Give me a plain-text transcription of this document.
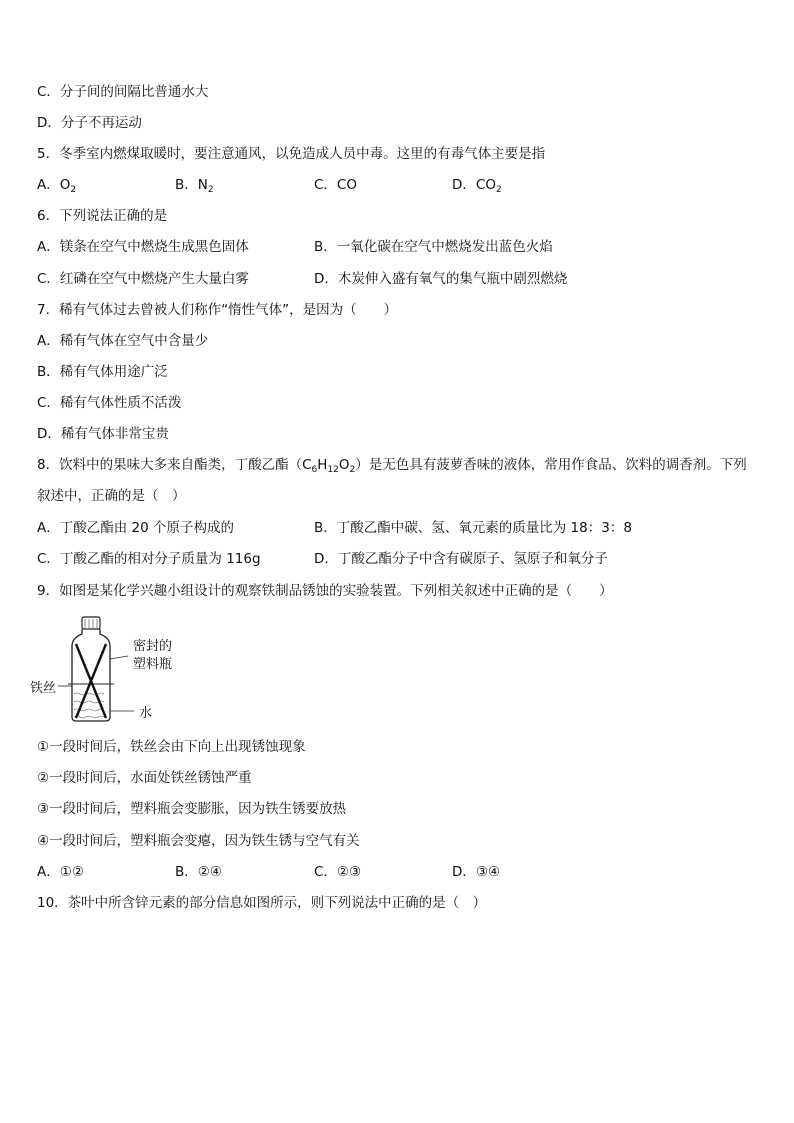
C．分子间的间隔比普通水大
D．分子不再运动
5．冬季室内燃煤取暖时，要注意通风，以免造成人员中毒。这里的有毒气体主要是指
A．$O_2$	B．$N_2$	C．CO	D．$CO_2$
6．下列说法正确的是
A．镁条在空气中燃烧生成黑色固体	B．一氧化碳在空气中燃烧发出蓝色火焰
C．红磷在空气中燃烧产生大量白雾	D．木炭伸入盛有氧气的集气瓶中剧烈燃烧
7．稀有气体过去曾被人们称作“惰性气体”，是因为（　　）
A．稀有气体在空气中含量少
B．稀有气体用途广泛
C．稀有气体性质不活泼
D．稀有气体非常宝贵
8．饮料中的果味大多来自酯类，丁酸乙酯$(C_6H_{12}O_2)$是无色具有菠萝香味的液体，常用作食品、饮料的调香剂。下列
叙述中，正确的是（　）
A．丁酸乙酯由 20 个原子构成的	B．丁酸乙酯中碳、氢、氧元素的质量比为 18：3：8
C．丁酸乙酯的相对分子质量为 116g	D．丁酸乙酯分子中含有碳原子、氢原子和氧分子
9．如图是某化学兴趣小组设计的观察铁制品锈蚀的实验装置。下列相关叙述中正确的是（　　）
密封的
塑料瓶
铁丝
水
①一段时间后，铁丝会由下向上出现锈蚀现象
②一段时间后，水面处铁丝锈蚀严重
③一段时间后，塑料瓶会变膨胀，因为铁生锈要放热
④一段时间后，塑料瓶会变瘪，因为铁生锈与空气有关
A．①②	B．②④	C．②③	D．③④
10．茶叶中所含锌元素的部分信息如图所示，则下列说法中正确的是（　）
